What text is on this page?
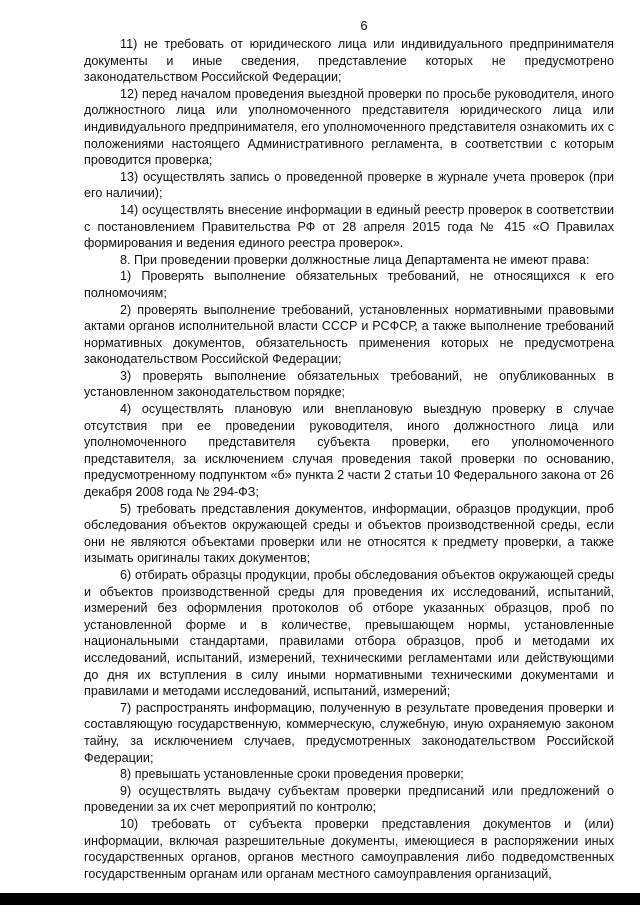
6

11) не требовать от юридического лица или индивидуального предпринимателя документы и иные сведения, представление которых не предусмотрено законодательством Российской Федерации;

12) перед началом проведения выездной проверки по просьбе руководителя, иного должностного лица или уполномоченного представителя юридического лица или индивидуального предпринимателя, его уполномоченного представителя ознакомить их с положениями настоящего Административного регламента, в соответствии с которым проводится проверка;

13) осуществлять запись о проведенной проверке в журнале учета проверок (при его наличии);

14) осуществлять внесение информации в единый реестр проверок в соответствии с постановлением Правительства РФ от 28 апреля 2015 года № 415 «О Правилах формирования и ведения единого реестра проверок».

8. При проведении проверки должностные лица Департамента не имеют права:

1) Проверять выполнение обязательных требований, не относящихся к его полномочиям;

2) проверять выполнение требований, установленных нормативными правовыми актами органов исполнительной власти СССР и РСФСР, а также выполнение требований нормативных документов, обязательность применения которых не предусмотрена законодательством Российской Федерации;

3) проверять выполнение обязательных требований, не опубликованных в установленном законодательством порядке;

4) осуществлять плановую или внеплановую выездную проверку в случае отсутствия при ее проведении руководителя, иного должностного лица или уполномоченного представителя субъекта проверки, его уполномоченного представителя, за исключением случая проведения такой проверки по основанию, предусмотренному подпунктом «б» пункта 2 части 2 статьи 10 Федерального закона от 26 декабря 2008 года № 294-ФЗ;

5) требовать представления документов, информации, образцов продукции, проб обследования объектов окружающей среды и объектов производственной среды, если они не являются объектами проверки или не относятся к предмету проверки, а также изымать оригиналы таких документов;

6) отбирать образцы продукции, пробы обследования объектов окружающей среды и объектов производственной среды для проведения их исследований, испытаний, измерений без оформления протоколов об отборе указанных образцов, проб по установленной форме и в количестве, превышающем нормы, установленные национальными стандартами, правилами отбора образцов, проб и методами их исследований, испытаний, измерений, техническими регламентами или действующими до дня их вступления в силу иными нормативными техническими документами и правилами и методами исследований, испытаний, измерений;

7) распространять информацию, полученную в результате проведения проверки и составляющую государственную, коммерческую, служебную, иную охраняемую законом тайну, за исключением случаев, предусмотренных законодательством Российской Федерации;

8) превышать установленные сроки проведения проверки;

9) осуществлять выдачу субъектам проверки предписаний или предложений о проведении за их счет мероприятий по контролю;

10) требовать от субъекта проверки представления документов и (или) информации, включая разрешительные документы, имеющиеся в распоряжении иных государственных органов, органов местного самоуправления либо подведомственных государственным органам или органам местного самоуправления организаций,
